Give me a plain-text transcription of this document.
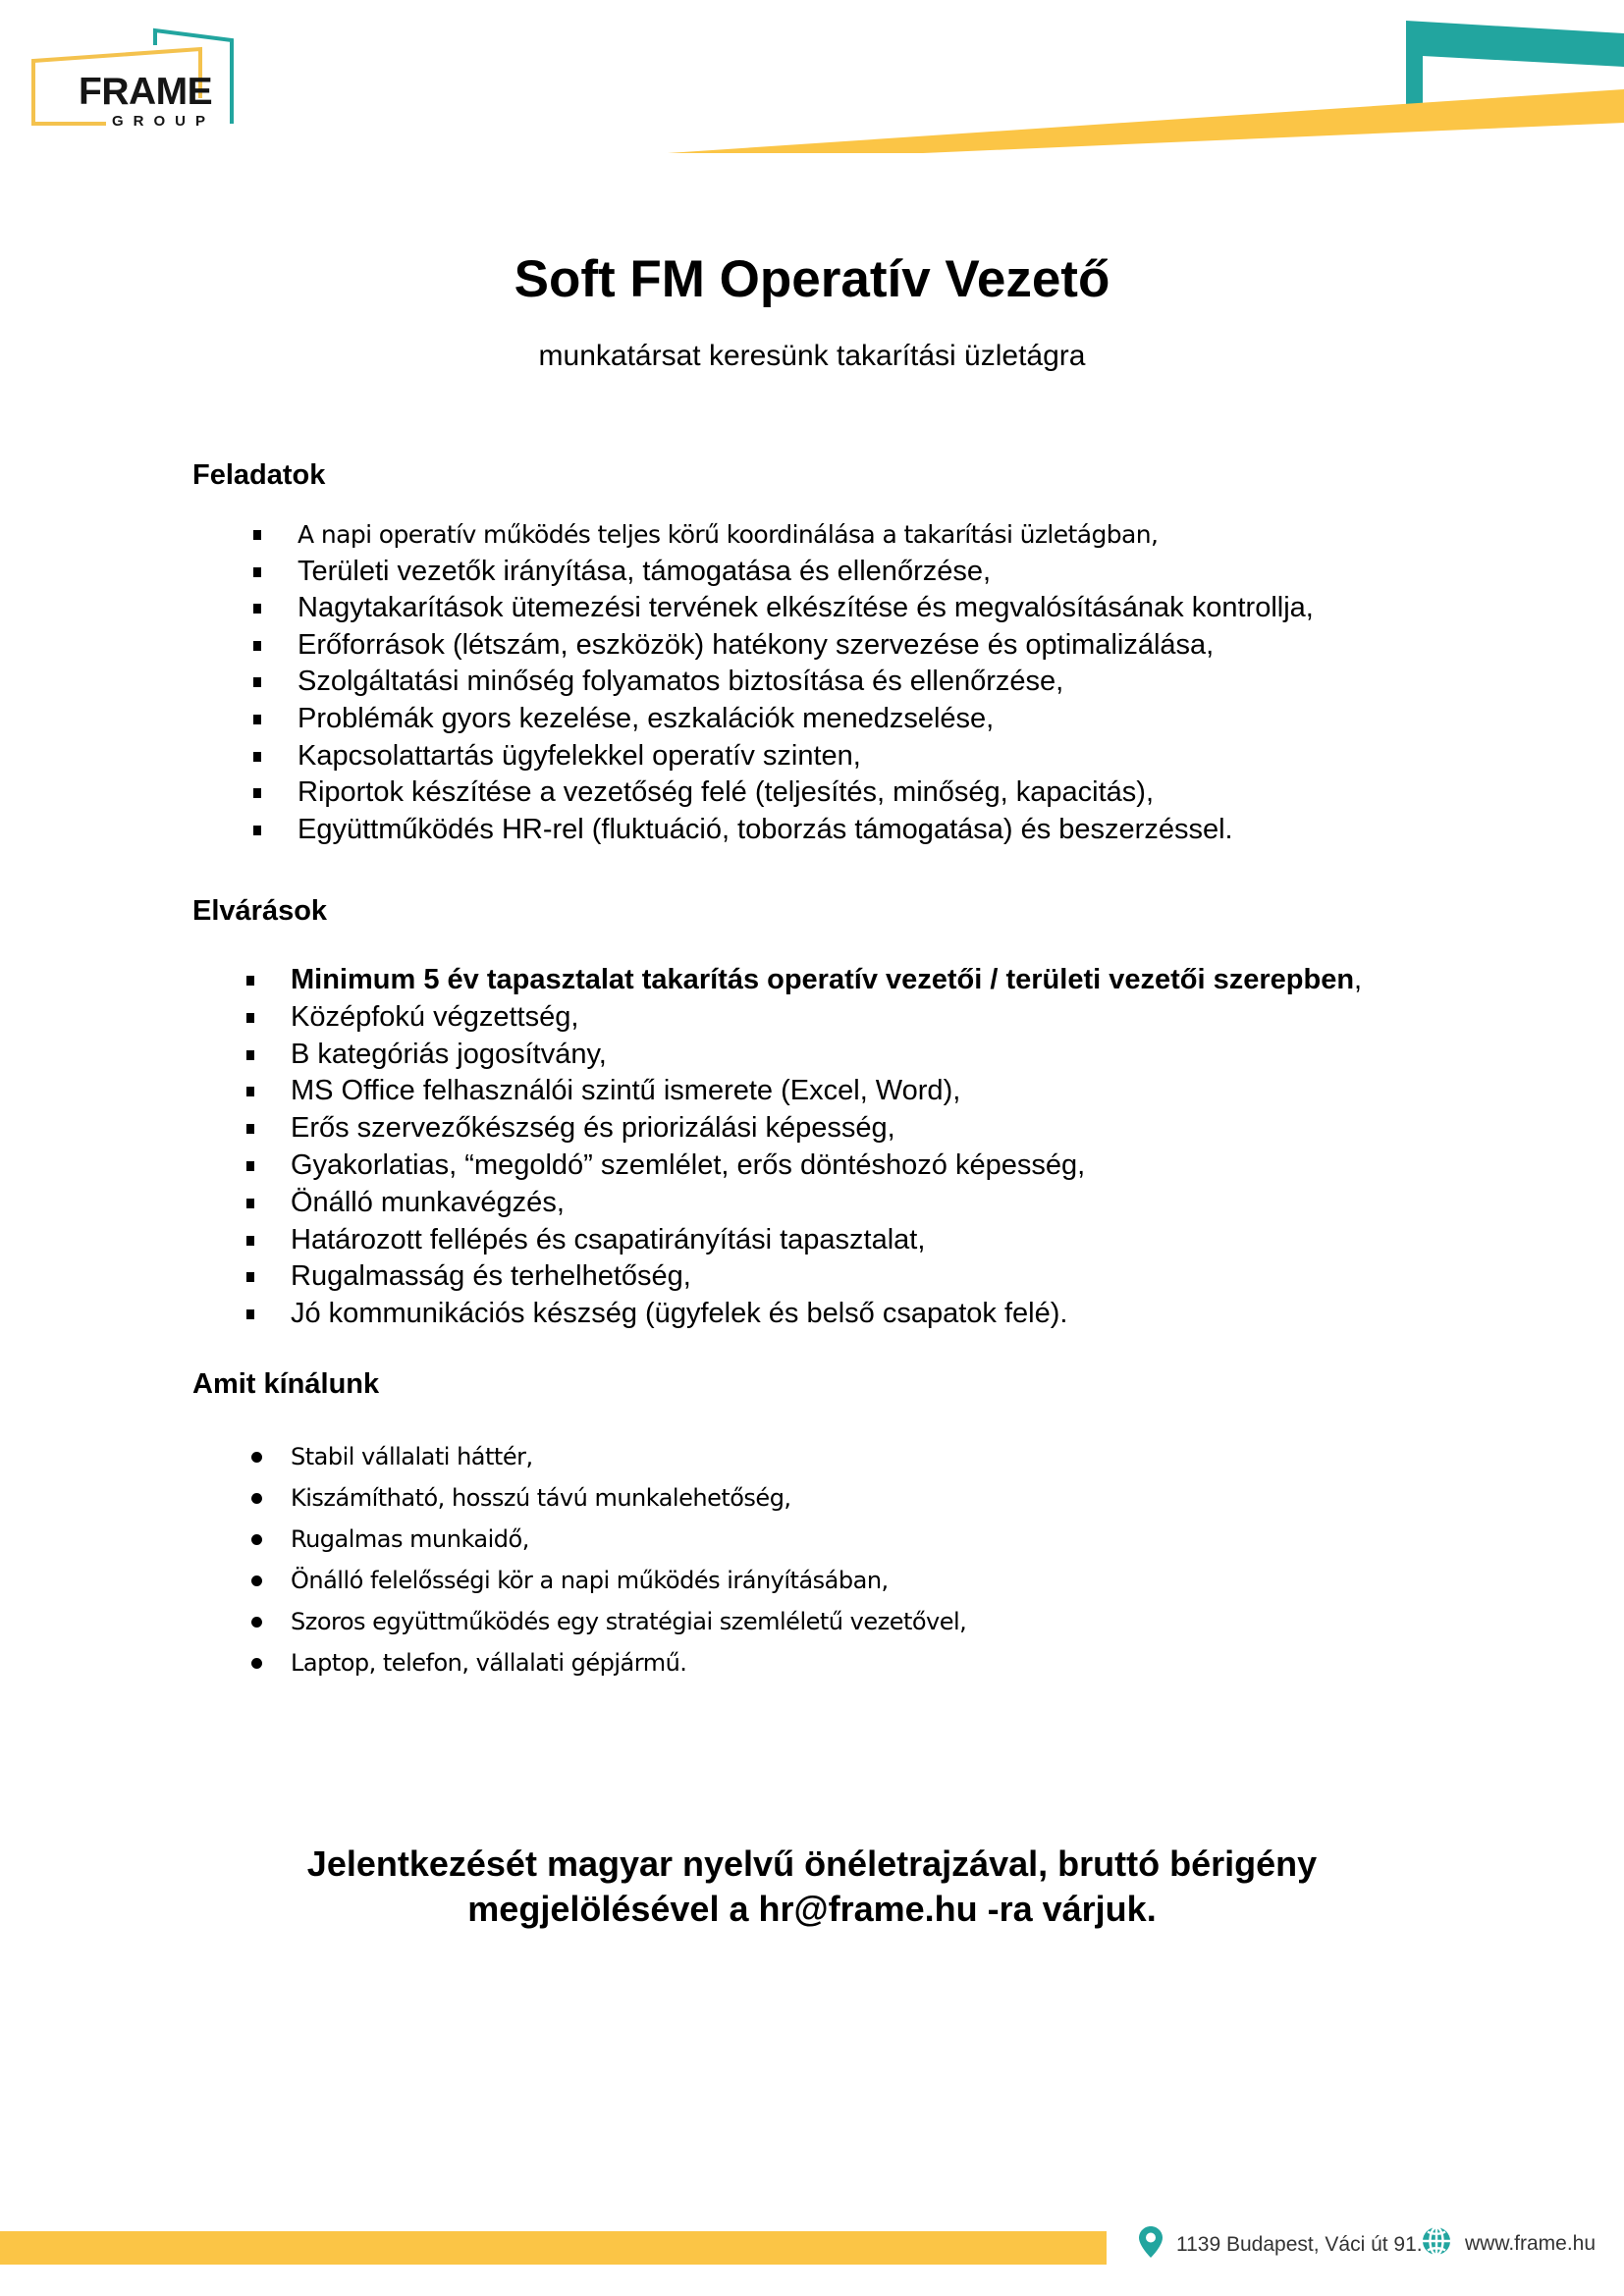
FRAME
GROUP
Soft FM Operatív Vezető
munkatársat keresünk takarítási üzletágra
Feladatok
A napi operatív működés teljes körű koordinálása a takarítási üzletágban,
Területi vezetők irányítása, támogatása és ellenőrzése,
Nagytakarítások ütemezési tervének elkészítése és megvalósításának kontrollja,
Erőforrások (létszám, eszközök) hatékony szervezése és optimalizálása,
Szolgáltatási minőség folyamatos biztosítása és ellenőrzése,
Problémák gyors kezelése, eszkalációk menedzselése,
Kapcsolattartás ügyfelekkel operatív szinten,
Riportok készítése a vezetőség felé (teljesítés, minőség, kapacitás),
Együttműködés HR-rel (fluktuáció, toborzás támogatása) és beszerzéssel.
Elvárások
Minimum 5 év tapasztalat takarítás operatív vezetői / területi vezetői szerepben,
Középfokú végzettség,
B kategóriás jogosítvány,
MS Office felhasználói szintű ismerete (Excel, Word),
Erős szervezőkészség és priorizálási képesség,
Gyakorlatias, “megoldó” szemlélet, erős döntéshozó képesség,
Önálló munkavégzés,
Határozott fellépés és csapatirányítási tapasztalat,
Rugalmasság és terhelhetőség,
Jó kommunikációs készség (ügyfelek és belső csapatok felé).
Amit kínálunk
Stabil vállalati háttér,
Kiszámítható, hosszú távú munkalehetőség,
Rugalmas munkaidő,
Önálló felelősségi kör a napi működés irányításában,
Szoros együttműködés egy stratégiai szemléletű vezetővel,
Laptop, telefon, vállalati gépjármű.
Jelentkezését magyar nyelvű önéletrajzával, bruttó bérigény
megjelölésével a hr@frame.hu -ra várjuk.
1139 Budapest, Váci út 91. www.frame.hu
